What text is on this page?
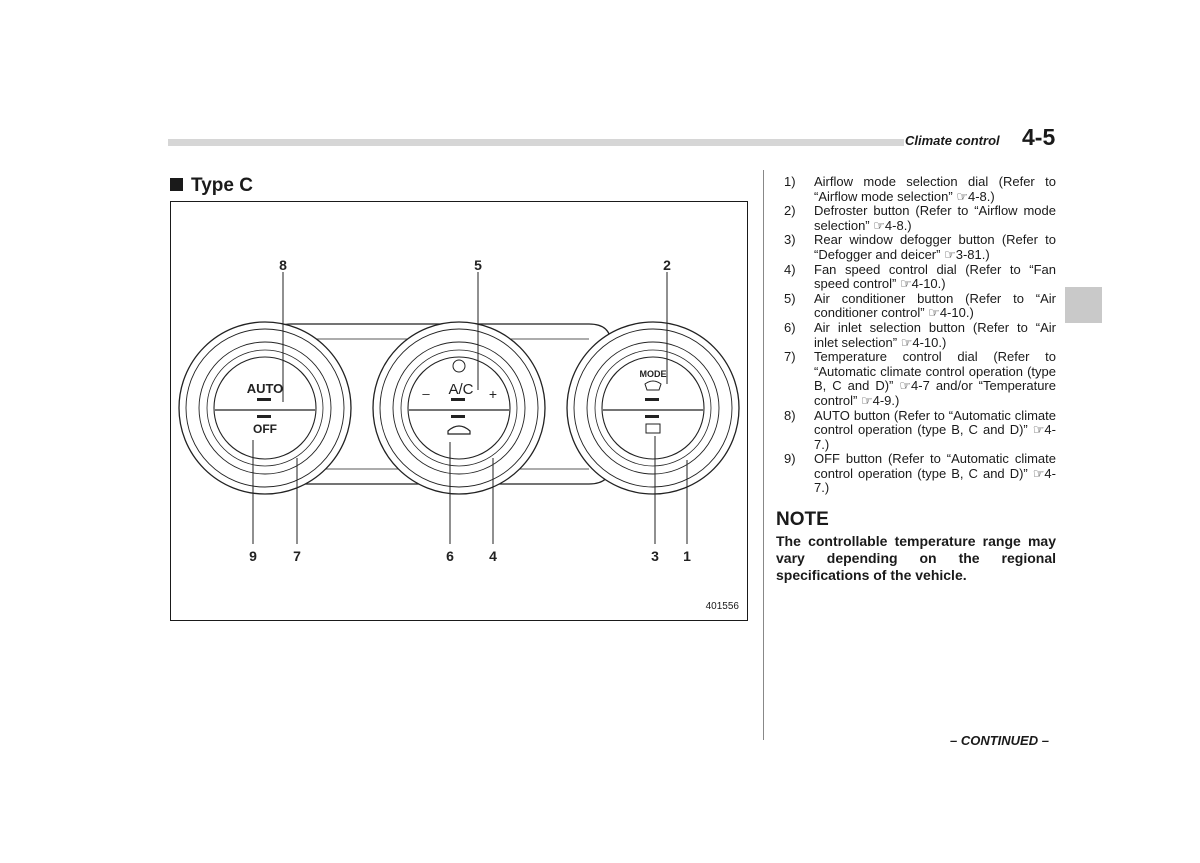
Climate control 4-5
Type C
AUTO
OFF
A/C
–	+
MODE
8	5	2
9	7	6	4	3 1
401556
1)	Airflow mode selection dial (Refer to “Airflow mode selection” ☞4-8.)
2)	Defroster button (Refer to “Airflow mode selection” ☞4-8.)
3)	Rear window defogger button (Refer to “Defogger and deicer” ☞3-81.)
4)	Fan speed control dial (Refer to “Fan speed control” ☞4-10.)
5)	Air conditioner button (Refer to “Air conditioner control” ☞4-10.)
6)	Air inlet selection button (Refer to “Air inlet selection” ☞4-10.)
7)	Temperature control dial (Refer to “Automatic climate control operation (type B, C and D)” ☞4-7 and/or “Temperature control” ☞4-9.)
8)	AUTO button (Refer to “Automatic climate control operation (type B, C and D)” ☞4-7.)
9)	OFF button (Refer to “Automatic climate control operation (type B, C and D)” ☞4-7.)
NOTE
The controllable temperature range may vary depending on the regional specifications of the vehicle.
– CONTINUED –
